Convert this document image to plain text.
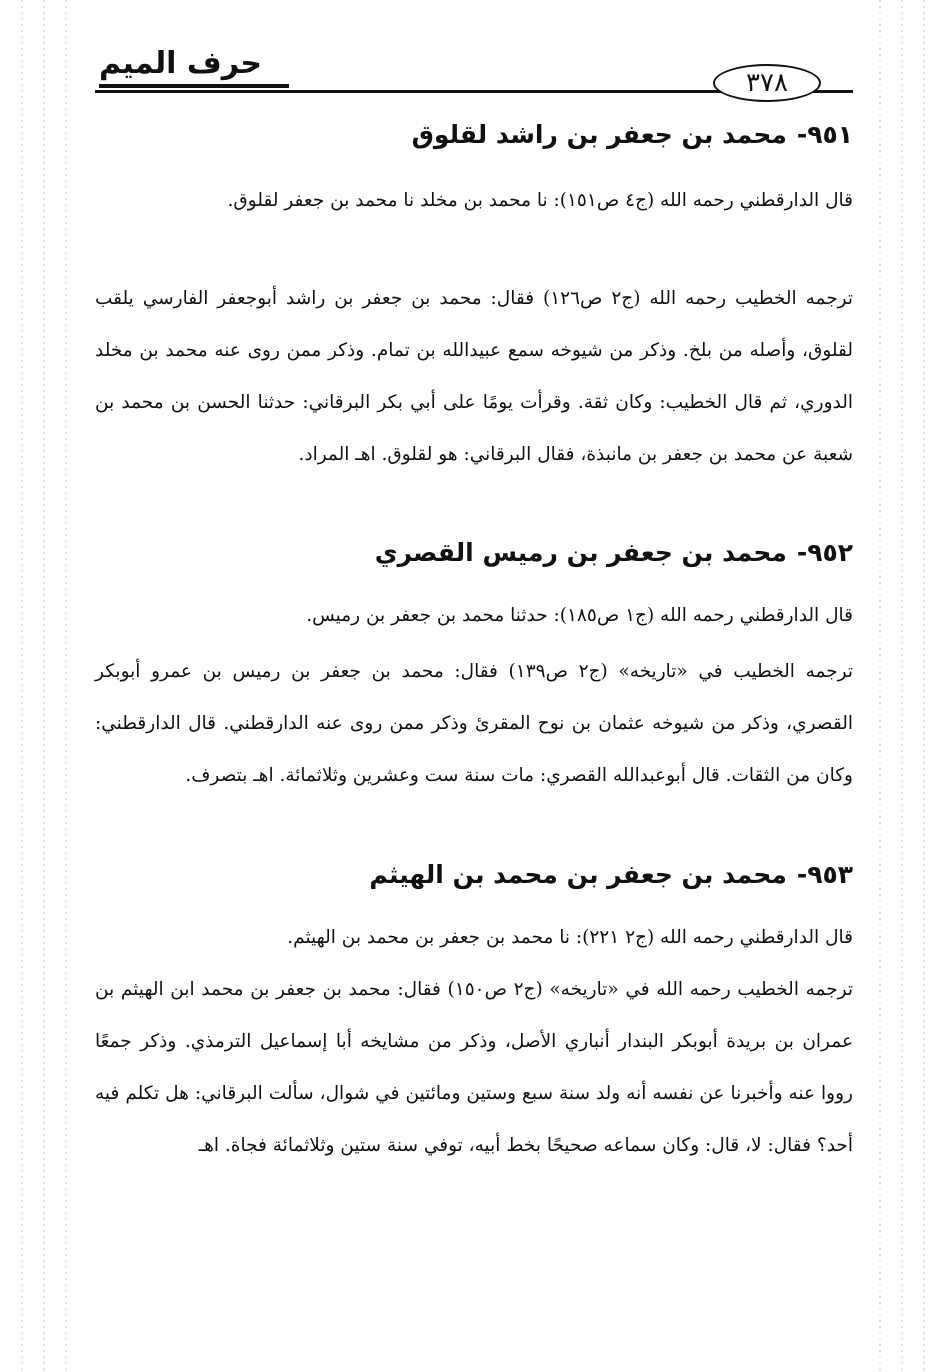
حرف الميم
٣٧٨
٩٥١-محمد بن جعفر بن راشد لقلوق

قال الدارقطني رحمه الله (ج٤ ص١٥١): نا محمد بن مخلد نا محمد بن جعفر لقلوق.

ترجمه الخطيب رحمه الله (ج٢ ص١٢٦) فقال: محمد بن جعفر بن راشد أبوجعفر الفارسي يلقب لقلوق، وأصله من بلخ. وذكر من شيوخه سمع عبيدالله بن تمام. وذكر ممن روى عنه محمد بن مخلد الدوري، ثم قال الخطيب: وكان ثقة. وقرأت يومًا على أبي بكر البرقاني: حدثنا الحسن بن محمد بن شعبة عن محمد بن جعفر بن مانبذة، فقال البرقاني: هو لقلوق. اهـ المراد.

٩٥٢-محمد بن جعفر بن رميس القصري

قال الدارقطني رحمه الله (ج١ ص١٨٥): حدثنا محمد بن جعفر بن رميس.

ترجمه الخطيب في «تاريخه» (ج٢ ص١٣٩) فقال: محمد بن جعفر بن رميس بن عمرو أبوبكر القصري، وذكر من شيوخه عثمان بن نوح المقرئ وذكر ممن روى عنه الدارقطني. قال الدارقطني: وكان من الثقات. قال أبوعبدالله القصري: مات سنة ست وعشرين وثلاثمائة. اهـ بتصرف.

٩٥٣-محمد بن جعفر بن محمد بن الهيثم

قال الدارقطني رحمه الله (ج٢ ٢٢١): نا محمد بن جعفر بن محمد بن الهيثم.

ترجمه الخطيب رحمه الله في «تاريخه» (ج٢ ص١٥٠) فقال: محمد بن جعفر بن محمد ابن الهيثم بن عمران بن بريدة أبوبكر البندار أنباري الأصل، وذكر من مشايخه أبا إسماعيل الترمذي. وذكر جمعًا رووا عنه وأخبرنا عن نفسه أنه ولد سنة سبع وستين ومائتين في شوال، سألت البرقاني: هل تكلم فيه أحد؟ فقال: لا، قال: وكان سماعه صحيحًا بخط أبيه، توفي سنة ستين وثلاثمائة فجاة. اهـ
